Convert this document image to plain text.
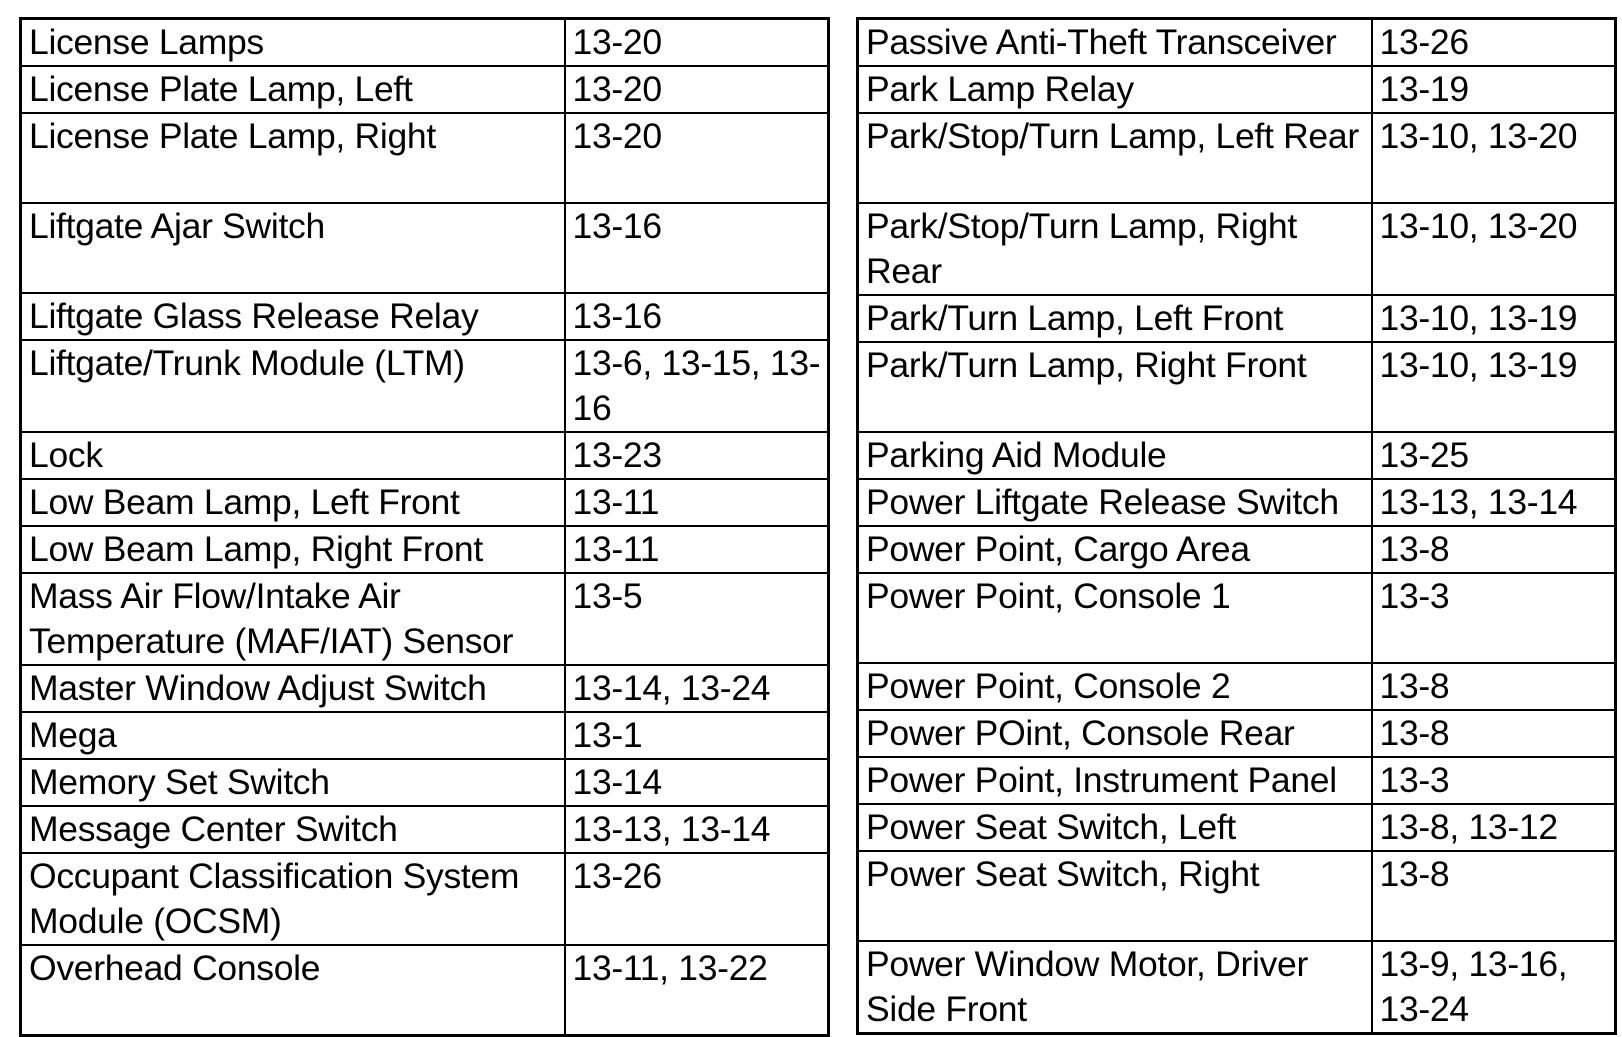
License Lamps	13-20
License Plate Lamp, Left	13-20
License Plate Lamp, Right	13-20
Liftgate Ajar Switch	13-16
Liftgate Glass Release Relay	13-16
Liftgate/Trunk Module (LTM)	13-6, 13-15, 13-16
Lock	13-23
Low Beam Lamp, Left Front	13-11
Low Beam Lamp, Right Front	13-11
Mass Air Flow/Intake Air Temperature (MAF/IAT) Sensor	13-5
Master Window Adjust Switch	13-14, 13-24
Mega	13-1
Memory Set Switch	13-14
Message Center Switch	13-13, 13-14
Occupant Classification System Module (OCSM)	13-26
Overhead Console	13-11, 13-22
Passive Anti-Theft Transceiver	13-26
Park Lamp Relay	13-19
Park/Stop/Turn Lamp, Left Rear	13-10, 13-20
Park/Stop/Turn Lamp, Right Rear	13-10, 13-20
Park/Turn Lamp, Left Front	13-10, 13-19
Park/Turn Lamp, Right Front	13-10, 13-19
Parking Aid Module	13-25
Power Liftgate Release Switch	13-13, 13-14
Power Point, Cargo Area	13-8
Power Point, Console 1	13-3
Power Point, Console 2	13-8
Power POint, Console Rear	13-8
Power Point, Instrument Panel	13-3
Power Seat Switch, Left	13-8, 13-12
Power Seat Switch, Right	13-8
Power Window Motor, Driver Side Front	13-9, 13-16, 13-24
